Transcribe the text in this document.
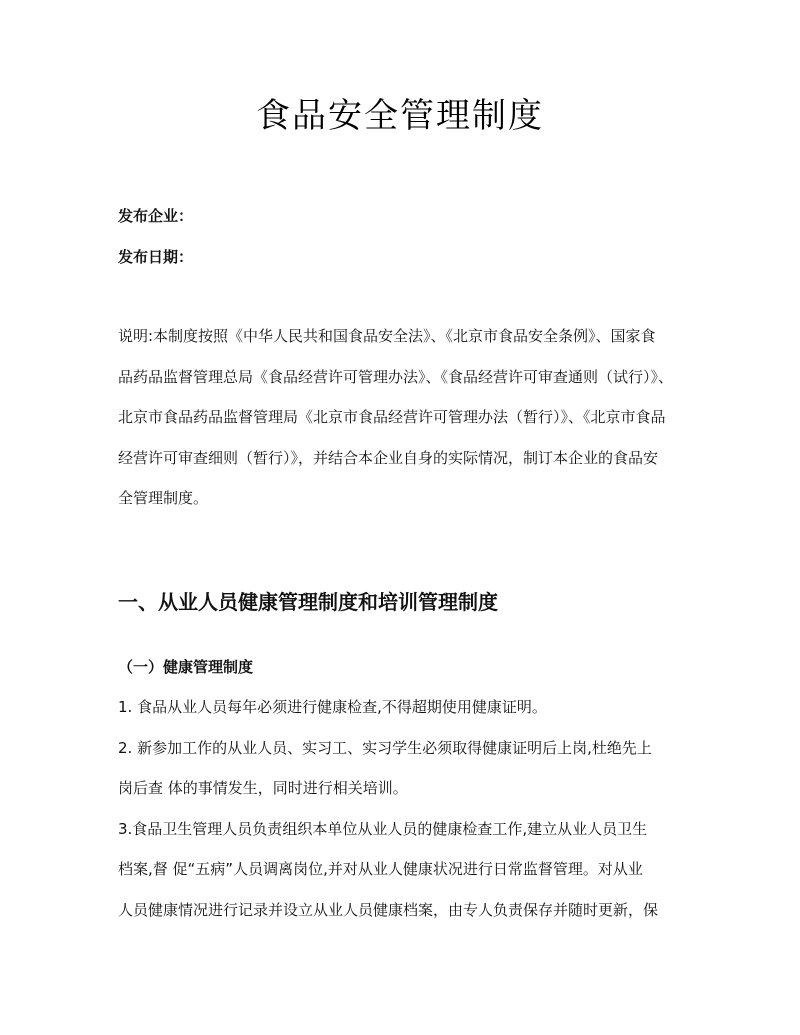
食品安全管理制度
发布企业：
发布日期：
说明:本制度按照《中华人民共和国食品安全法》、《北京市食品安全条例》、国家食
品药品监督管理总局《食品经营许可管理办法》、《食品经营许可审查通则（试行）》、
北京市食品药品监督管理局《北京市食品经营许可管理办法（暂行）》、《北京市食品
经营许可审查细则（暂行）》，并结合本企业自身的实际情况，制订本企业的食品安
全管理制度。
一、从业人员健康管理制度和培训管理制度
（一）健康管理制度
1. 食品从业人员每年必须进行健康检查,不得超期使用健康证明。
2. 新参加工作的从业人员、实习工、实习学生必须取得健康证明后上岗,杜绝先上
岗后查 体的事情发生，同时进行相关培训。
3.食品卫生管理人员负责组织本单位从业人员的健康检查工作,建立从业人员卫生
档案,督 促“五病”人员调离岗位,并对从业人健康状况进行日常监督管理。对从业
人员健康情况进行记录并设立从业人员健康档案，由专人负责保存并随时更新，保
